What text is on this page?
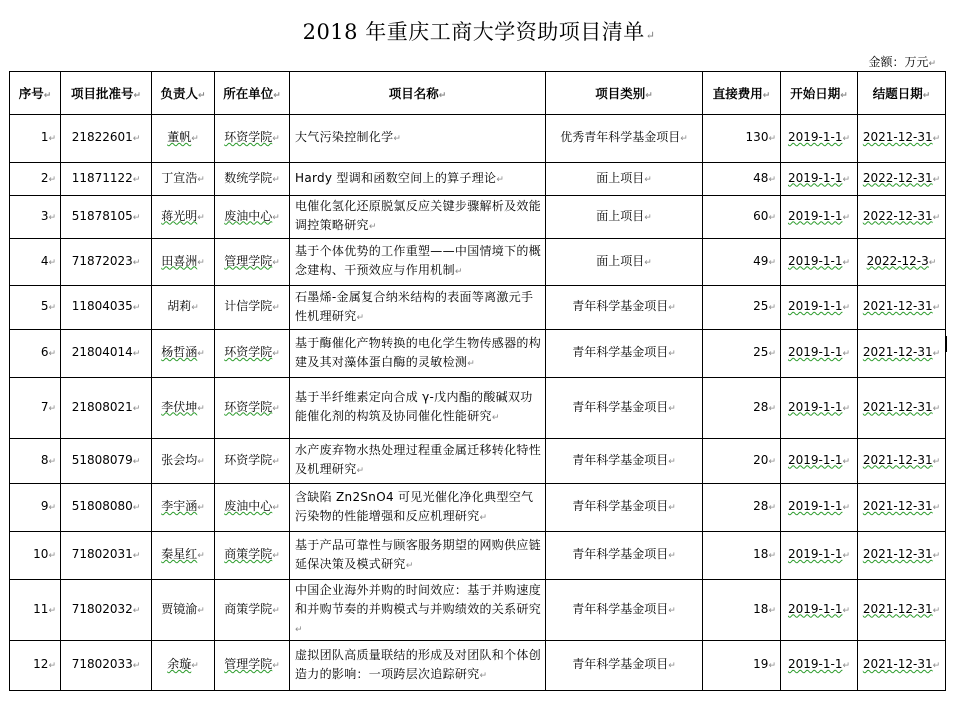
2018 年重庆工商大学资助项目清单↵
金额：万元↵
序号↵	项目批准号↵	负责人↵	所在单位↵	项目名称↵	项目类别↵	直接费用↵	开始日期↵	结题日期↵
1↵	21822601↵	董帆↵	环资学院↵	大气污染控制化学↵	优秀青年科学基金项目↵	130↵	2019-1-1↵	2021-12-31↵
2↵	11871122↵	丁宣浩↵	数统学院↵	Hardy 型调和函数空间上的算子理论↵	面上项目↵	48↵	2019-1-1↵	2022-12-31↵
3↵	51878105↵	蒋光明↵	废油中心↵	电催化氢化还原脱氯反应关键步骤解析及效能调控策略研究↵	面上项目↵	60↵	2019-1-1↵	2022-12-31↵
4↵	71872023↵	田喜洲↵	管理学院↵	基于个体优势的工作重塑——中国情境下的概念建构、干预效应与作用机制↵	面上项目↵	49↵	2019-1-1↵	2022-12-3↵
5↵	11804035↵	胡莉↵	计信学院↵	石墨烯-金属复合纳米结构的表面等离激元手性机理研究↵	青年科学基金项目↵	25↵	2019-1-1↵	2021-12-31↵
6↵	21804014↵	杨哲涵↵	环资学院↵	基于酶催化产物转换的电化学生物传感器的构建及其对藻体蛋白酶的灵敏检测↵	青年科学基金项目↵	25↵	2019-1-1↵	2021-12-31↵
7↵	21808021↵	李伏坤↵	环资学院↵	基于半纤维素定向合成 γ-戊内酯的酸碱双功能催化剂的构筑及协同催化性能研究↵	青年科学基金项目↵	28↵	2019-1-1↵	2021-12-31↵
8↵	51808079↵	张会均↵	环资学院↵	水产废弃物水热处理过程重金属迁移转化特性及机理研究↵	青年科学基金项目↵	20↵	2019-1-1↵	2021-12-31↵
9↵	51808080↵	李宇涵↵	废油中心↵	含缺陷 Zn2SnO4 可见光催化净化典型空气污染物的性能增强和反应机理研究↵	青年科学基金项目↵	28↵	2019-1-1↵	2021-12-31↵
10↵	71802031↵	秦星红↵	商策学院↵	基于产品可靠性与顾客服务期望的网购供应链延保决策及模式研究↵	青年科学基金项目↵	18↵	2019-1-1↵	2021-12-31↵
11↵	71802032↵	贾镜渝↵	商策学院↵	中国企业海外并购的时间效应：基于并购速度和并购节奏的并购模式与并购绩效的关系研究↵	青年科学基金项目↵	18↵	2019-1-1↵	2021-12-31↵
12↵	71802033↵	余璇↵	管理学院↵	虚拟团队高质量联结的形成及对团队和个体创造力的影响：一项跨层次追踪研究↵	青年科学基金项目↵	19↵	2019-1-1↵	2021-12-31↵
